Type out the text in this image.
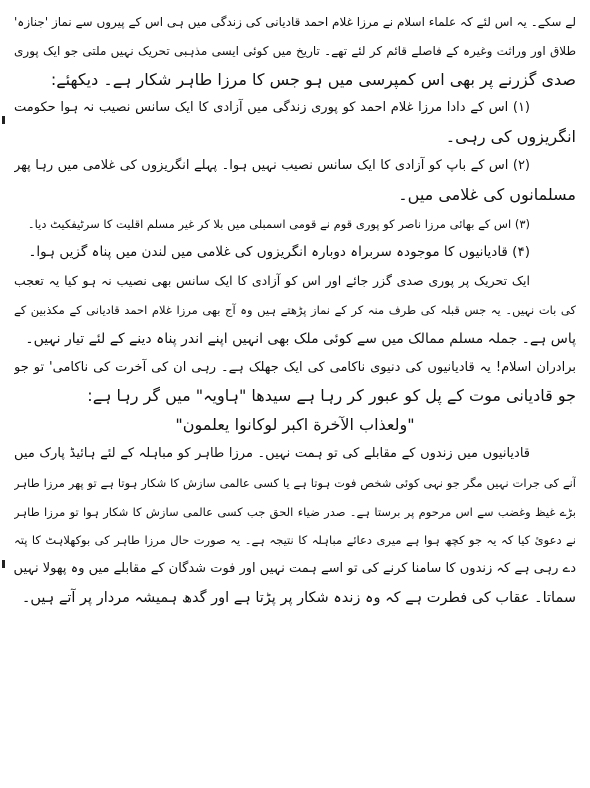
لے سکے۔ یہ اس لئے کہ علماء اسلام نے مرزا غلام احمد قادیانی کی زندگی میں ہی اس کے پیروں سے نماز 'جنازہ'
طلاق اور وراثت وغیرہ کے فاصلے قائم کر لئے تھے۔ تاریخ میں کوئی ایسی مذہبی تحریک نہیں ملتی جو ایک پوری
صدی گزرنے پر بھی اس کمپرسی میں ہو جس کا مرزا طاہر شکار ہے۔ دیکھئے:
(۱) اس کے دادا مرزا غلام احمد کو پوری زندگی میں آزادی کا ایک سانس نصیب نہ ہوا حکومت
انگریزوں کی رہی۔
(۲) اس کے باپ کو آزادی کا ایک سانس نصیب نہیں ہوا۔ پہلے انگریزوں کی غلامی میں رہا پھر
مسلمانوں کی غلامی میں۔
(۳) اس کے بھائی مرزا ناصر کو پوری قوم نے قومی اسمبلی میں بلا کر غیر مسلم اقلیت کا سرٹیفکیٹ دیا۔
(۴) قادیانیوں کا موجودہ سربراہ دوبارہ انگریزوں کی غلامی میں لندن میں پناہ گزیں ہوا۔
ایک تحریک پر پوری صدی گزر جائے اور اس کو آزادی کا ایک سانس بھی نصیب نہ ہو کیا یہ تعجب
کی بات نہیں۔ یہ جس قبلہ کی طرف منہ کر کے نماز پڑھتے ہیں وہ آج بھی مرزا غلام احمد قادیانی کے مکذبین کے
پاس ہے۔ جملہ مسلم ممالک میں سے کوئی ملک بھی انہیں اپنے اندر پناہ دینے کے لئے تیار نہیں۔
برادران اسلام! یہ قادیانیوں کی دنیوی ناکامی کی ایک جھلک ہے۔ رہی ان کی آخرت کی ناکامی' تو جو
جو قادیانی موت کے پل کو عبور کر رہا ہے سیدھا "ہاویہ" میں گر رہا ہے:
"ولعذاب الآخرة اکبر لوکانوا یعلمون"
قادیانیوں میں زندوں کے مقابلے کی تو ہمت نہیں۔ مرزا طاہر کو مباہلہ کے لئے ہائیڈ پارک میں
آنے کی جرات نہیں مگر جو نہی کوئی شخص فوت ہوتا ہے یا کسی عالمی سازش کا شکار ہوتا ہے تو پھر مرزا طاہر
بڑے غیظ وغضب سے اس مرحوم پر برستا ہے۔ صدر ضیاء الحق جب کسی عالمی سازش کا شکار ہوا تو مرزا طاہر
نے دعوئ کیا کہ یہ جو کچھ ہوا ہے میری دعائے مباہلہ کا نتیجہ ہے۔ یہ صورت حال مرزا طاہر کی بوکھلاہٹ کا پتہ
دے رہی ہے کہ زندوں کا سامنا کرنے کی تو اسے ہمت نہیں اور فوت شدگان کے مقابلے میں وہ پھولا نہیں
سماتا۔ عقاب کی فطرت ہے کہ وہ زندہ شکار پر پڑتا ہے اور گدھ ہمیشہ مردار پر آتے ہیں۔
